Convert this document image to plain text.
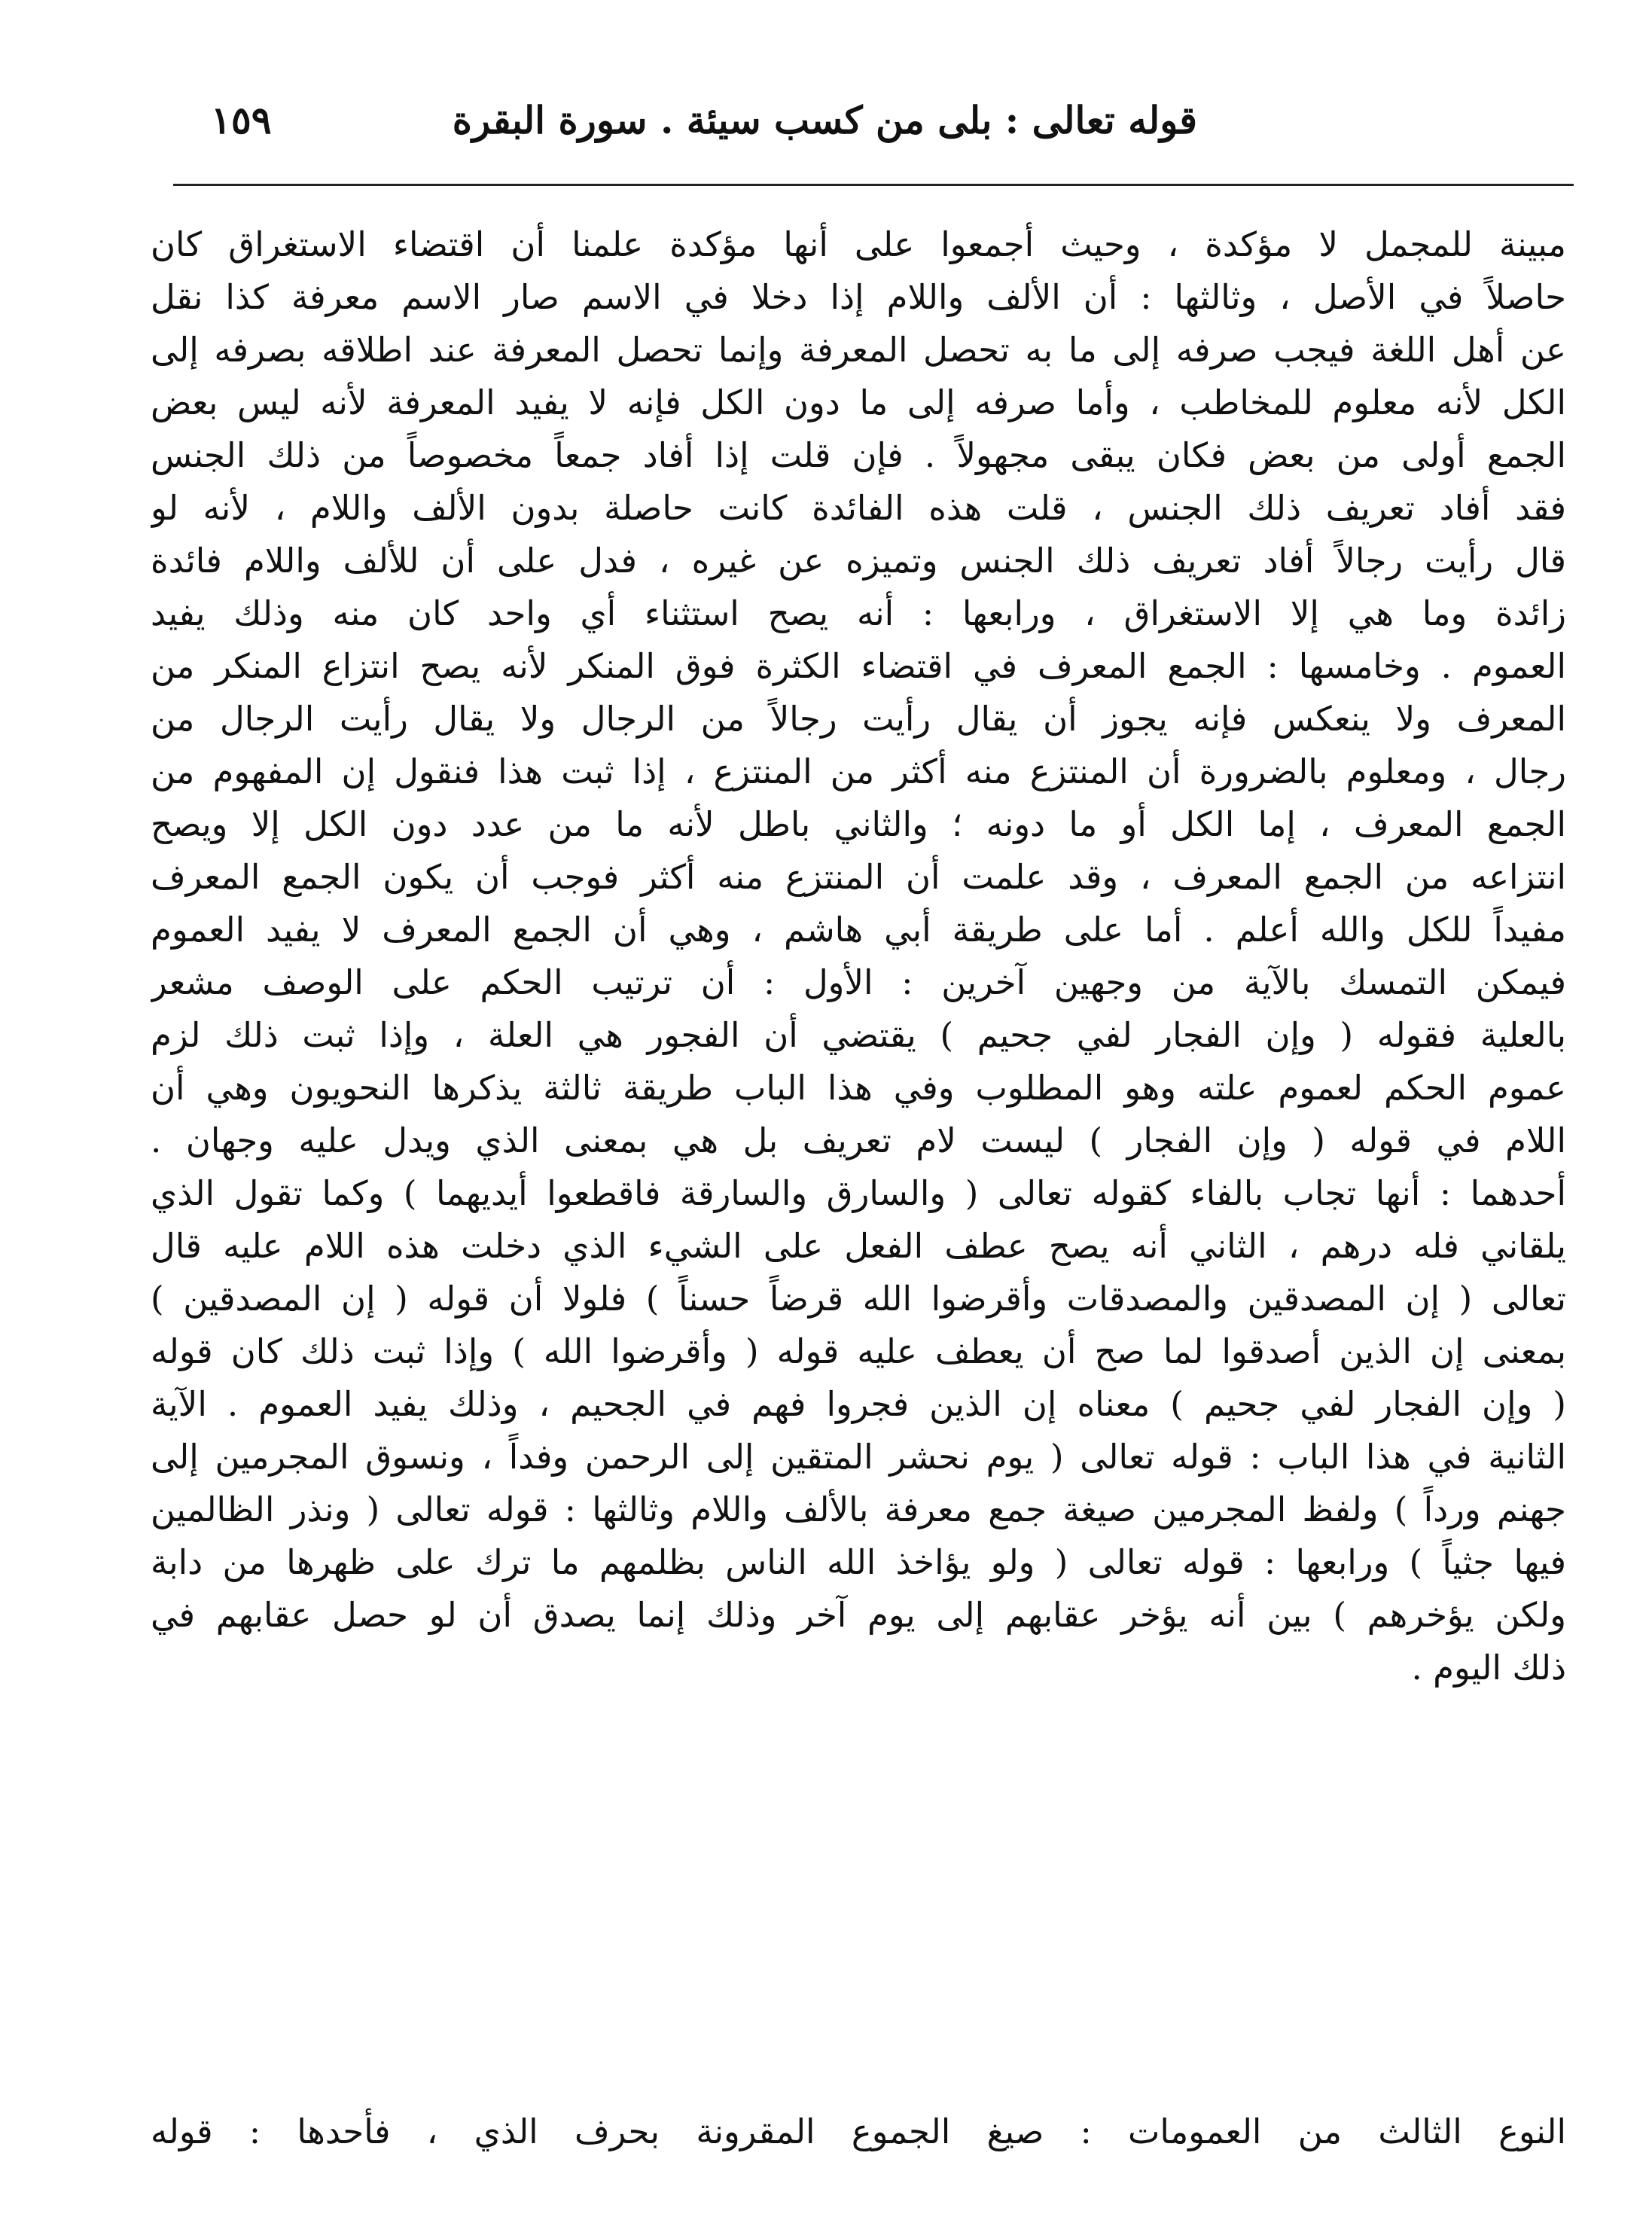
قوله تعالى : بلى من كسب سيئة . سورة البقرة
١٥٩
مبينة للمجمل لا مؤكدة ، وحيث أجمعوا على أنها مؤكدة علمنا أن اقتضاء الاستغراق كان
حاصلاً في الأصل ، وثالثها : أن الألف واللام إذا دخلا في الاسم صار الاسم معرفة كذا نقل
عن أهل اللغة فيجب صرفه إلى ما به تحصل المعرفة وإنما تحصل المعرفة عند اطلاقه بصرفه إلى
الكل لأنه معلوم للمخاطب ، وأما صرفه إلى ما دون الكل فإنه لا يفيد المعرفة لأنه ليس بعض
الجمع أولى من بعض فكان يبقى مجهولاً . فإن قلت إذا أفاد جمعاً مخصوصاً من ذلك الجنس
فقد أفاد تعريف ذلك الجنس ، قلت هذه الفائدة كانت حاصلة بدون الألف واللام ، لأنه لو
قال رأيت رجالاً أفاد تعريف ذلك الجنس وتميزه عن غيره ، فدل على أن للألف واللام فائدة
زائدة وما هي إلا الاستغراق ، ورابعها : أنه يصح استثناء أي واحد كان منه وذلك يفيد
العموم . وخامسها : الجمع المعرف في اقتضاء الكثرة فوق المنكر لأنه يصح انتزاع المنكر من
المعرف ولا ينعكس فإنه يجوز أن يقال رأيت رجالاً من الرجال ولا يقال رأيت الرجال من
رجال ، ومعلوم بالضرورة أن المنتزع منه أكثر من المنتزع ، إذا ثبت هذا فنقول إن المفهوم من
الجمع المعرف ، إما الكل أو ما دونه ؛ والثاني باطل لأنه ما من عدد دون الكل إلا ويصح
انتزاعه من الجمع المعرف ، وقد علمت أن المنتزع منه أكثر فوجب أن يكون الجمع المعرف
مفيداً للكل والله أعلم . أما على طريقة أبي هاشم ، وهي أن الجمع المعرف لا يفيد العموم
فيمكن التمسك بالآية من وجهين آخرين : الأول : أن ترتيب الحكم على الوصف مشعر
بالعلية فقوله ( وإن الفجار لفي جحيم ) يقتضي أن الفجور هي العلة ، وإذا ثبت ذلك لزم
عموم الحكم لعموم علته وهو المطلوب وفي هذا الباب طريقة ثالثة يذكرها النحويون وهي أن
اللام في قوله ( وإن الفجار ) ليست لام تعريف بل هي بمعنى الذي ويدل عليه وجهان .
أحدهما : أنها تجاب بالفاء كقوله تعالى ( والسارق والسارقة فاقطعوا أيديهما ) وكما تقول الذي
يلقاني فله درهم ، الثاني أنه يصح عطف الفعل على الشيء الذي دخلت هذه اللام عليه قال
تعالى ( إن المصدقين والمصدقات وأقرضوا الله قرضاً حسناً ) فلولا أن قوله ( إن المصدقين )
بمعنى إن الذين أصدقوا لما صح أن يعطف عليه قوله ( وأقرضوا الله ) وإذا ثبت ذلك كان قوله
( وإن الفجار لفي جحيم ) معناه إن الذين فجروا فهم في الجحيم ، وذلك يفيد العموم . الآية
الثانية في هذا الباب : قوله تعالى ( يوم نحشر المتقين إلى الرحمن وفداً ، ونسوق المجرمين إلى
جهنم ورداً ) ولفظ المجرمين صيغة جمع معرفة بالألف واللام وثالثها : قوله تعالى ( ونذر الظالمين
فيها جثياً ) ورابعها : قوله تعالى ( ولو يؤاخذ الله الناس بظلمهم ما ترك على ظهرها من دابة
ولكن يؤخرهم ) بين أنه يؤخر عقابهم إلى يوم آخر وذلك إنما يصدق أن لو حصل عقابهم في
ذلك اليوم .
النوع الثالث من العمومات : صيغ الجموع المقرونة بحرف الذي ، فأحدها : قوله
